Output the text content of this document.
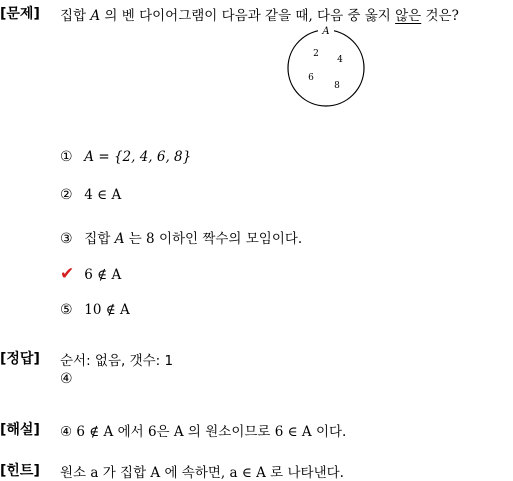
[문제] 집합 A 의 벤 다이어그램이 다음과 같을 때, 다음 중 옳지 않은 것은?
A
2
4
6
8
① A = {2, 4, 6, 8}
② 4 ∈ A
③ 집합 A 는 8 이하인 짝수의 모임이다.
✔ 6 ∉ A
⑤ 10 ∉ A
[정답] 순서: 없음, 갯수: 1
④
[해설] ④ 6 ∉ A 에서 6은 A 의 원소이므로 6 ∈ A 이다.
[힌트] 원소 a 가 집합 A 에 속하면, a ∈ A 로 나타낸다.
